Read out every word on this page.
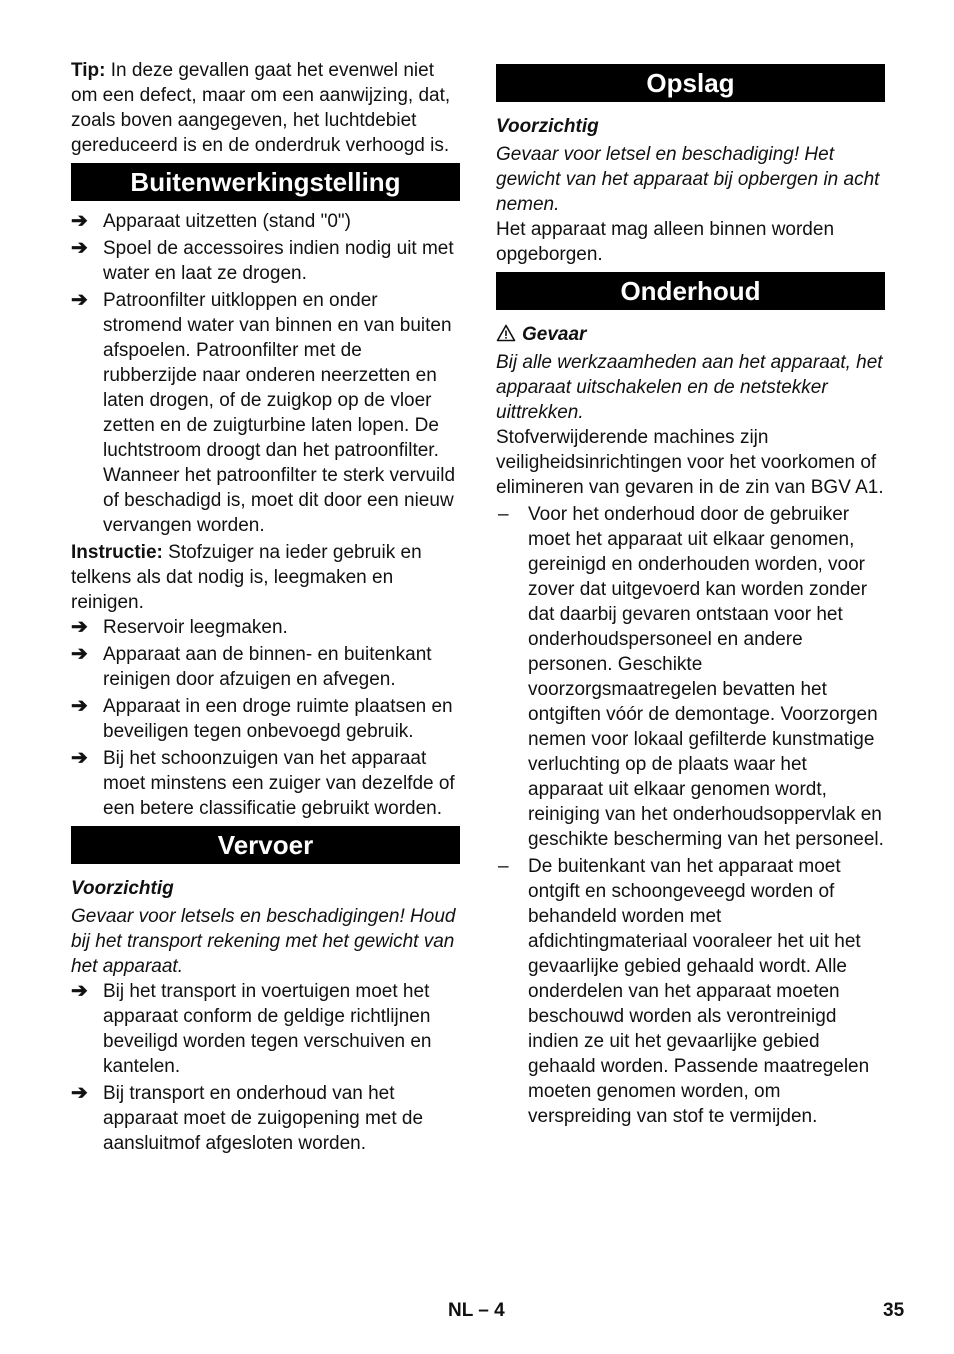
Tip: In deze gevallen gaat het evenwel niet om een defect, maar om een aanwijzing, dat, zoals boven aangegeven, het luchtdebiet gereduceerd is en de onderdruk verhoogd is.

Buitenwerkingstelling
➔ Apparaat uitzetten (stand "0")
➔ Spoel de accessoires indien nodig uit met water en laat ze drogen.
➔ Patroonfilter uitkloppen en onder stromend water van binnen en van buiten afspoelen. Patroonfilter met de rubberzijde naar onderen neerzetten en laten drogen, of de zuigkop op de vloer zetten en de zuigturbine laten lopen. De luchtstroom droogt dan het patroonfilter. Wanneer het patroonfilter te sterk vervuild of beschadigd is, moet dit door een nieuw vervangen worden.

Instructie: Stofzuiger na ieder gebruik en telkens als dat nodig is, leegmaken en reinigen.

➔ Reservoir leegmaken.
➔ Apparaat aan de binnen- en buitenkant reinigen door afzuigen en afvegen.
➔ Apparaat in een droge ruimte plaatsen en beveiligen tegen onbevoegd gebruik.
➔ Bij het schoonzuigen van het apparaat moet minstens een zuiger van dezelfde of een betere classificatie gebruikt worden.
Vervoer

Voorzichtig

Gevaar voor letsels en beschadigingen! Houd bij het transport rekening met het gewicht van het apparaat.

➔ Bij het transport in voertuigen moet het apparaat conform de geldige richtlijnen beveiligd worden tegen verschuiven en kantelen.
➔ Bij transport en onderhoud van het apparaat moet de zuigopening met de aansluitmof afgesloten worden.
Opslag

Voorzichtig

Gevaar voor letsel en beschadiging! Het gewicht van het apparaat bij opbergen in acht nemen.

Het apparaat mag alleen binnen worden opgeborgen.

Onderhoud

Gevaar

Bij alle werkzaamheden aan het apparaat, het apparaat uitschakelen en de netstekker uittrekken.

Stofverwijderende machines zijn veiligheidsinrichtingen voor het voorkomen of elimineren van gevaren in de zin van BGV A1.

– Voor het onderhoud door de gebruiker moet het apparaat uit elkaar genomen, gereinigd en onderhouden worden, voor zover dat uitgevoerd kan worden zonder dat daarbij gevaren ontstaan voor het onderhoudspersoneel en andere personen. Geschikte voorzorgsmaatregelen bevatten het ontgiften vóór de demontage. Voorzorgen nemen voor lokaal gefilterde kunstmatige verluchting op de plaats waar het apparaat uit elkaar genomen wordt, reiniging van het onderhoudsoppervlak en geschikte bescherming van het personeel.
– De buitenkant van het apparaat moet ontgift en schoongeveegd worden of behandeld worden met afdichtingmateriaal vooraleer het uit het gevaarlijke gebied gehaald wordt. Alle onderdelen van het apparaat moeten beschouwd worden als verontreinigd indien ze uit het gevaarlijke gebied gehaald worden. Passende maatregelen moeten genomen worden, om verspreiding van stof te vermijden.
NL – 4	35
